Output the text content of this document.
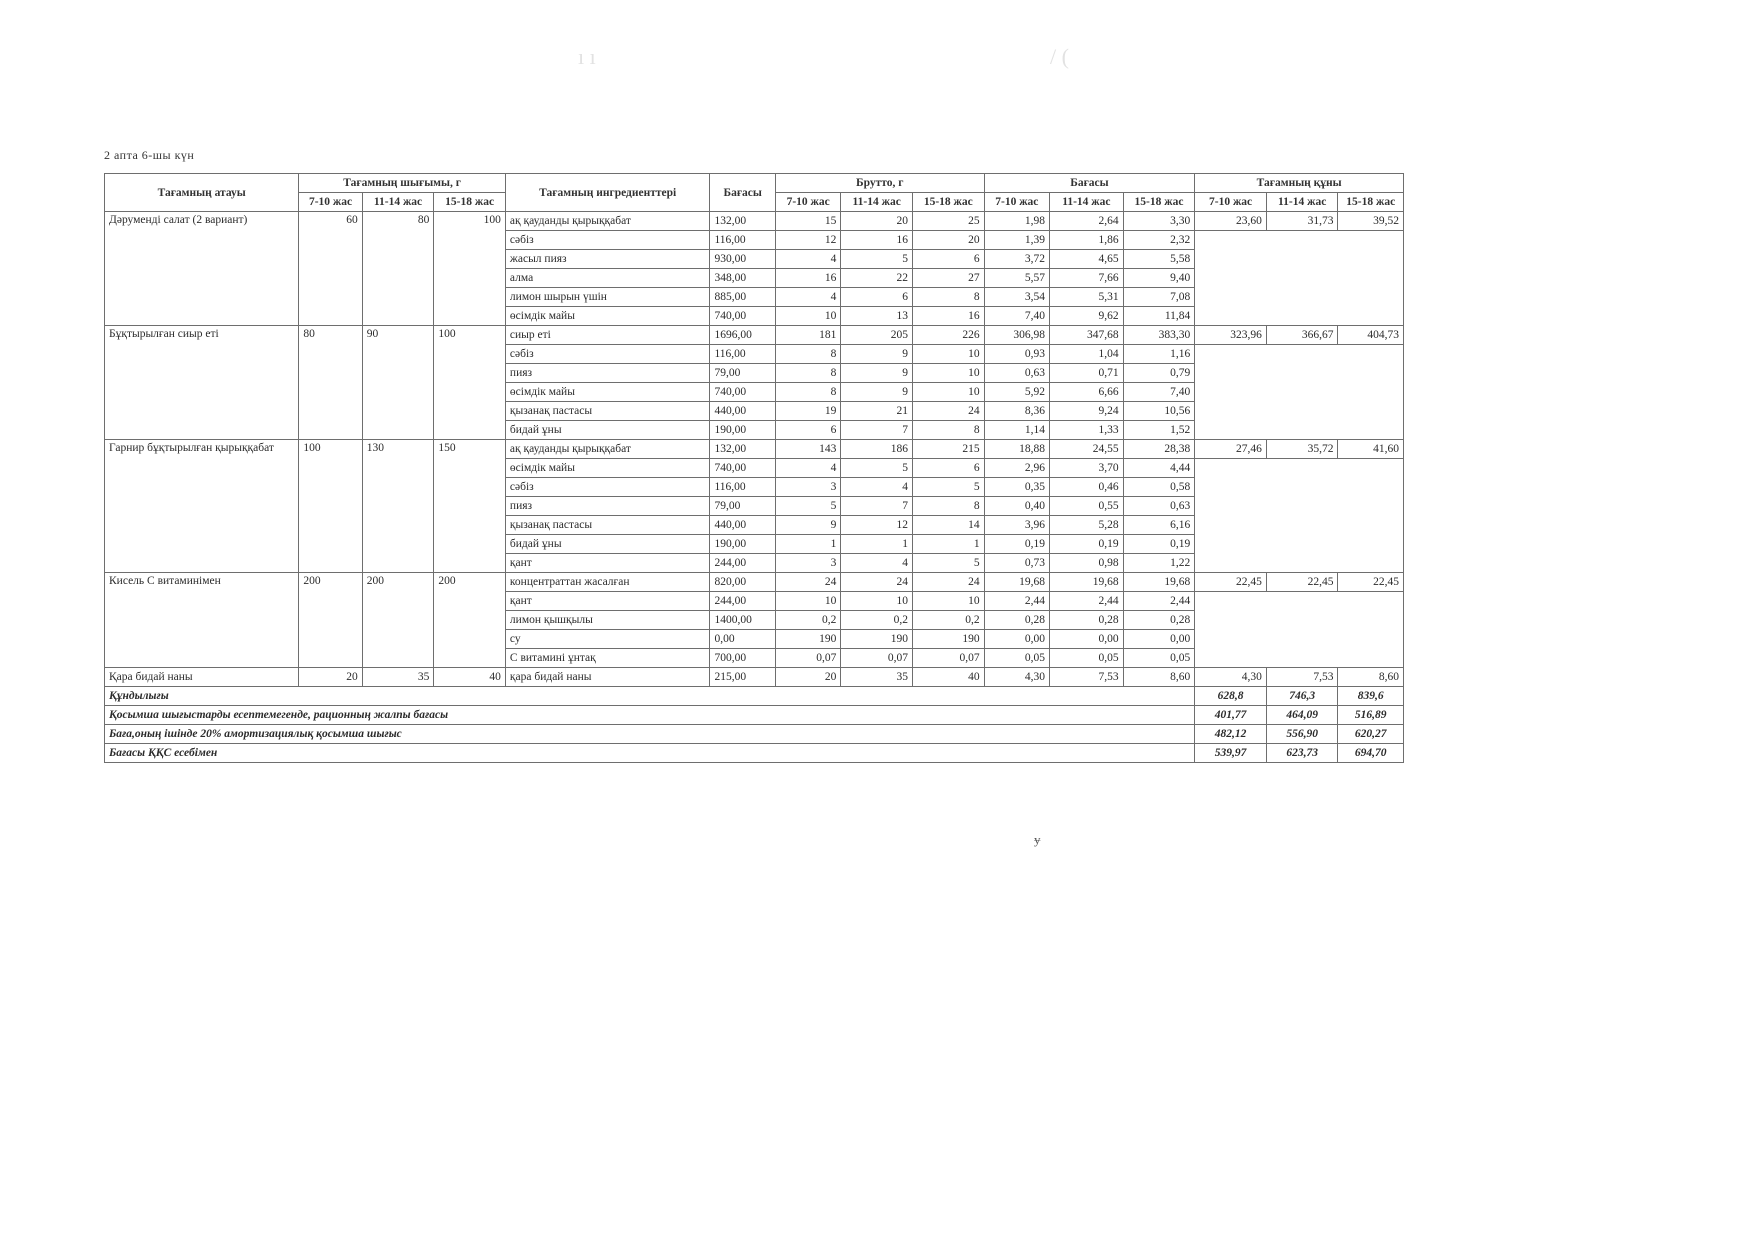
ı ı	/ (
2 апта 6-шы күн
Тағамның атауы	Тағамның шығымы, г			Тағамның ингредиенттері	Бағасы	Брутто, г			Бағасы			Тағамның құны		
	7-10 жас	11-14 жас	15-18 жас			7-10 жас	11-14 жас	15-18 жас	7-10 жас	11-14 жас	15-18 жас	7-10 жас	11-14 жас	15-18 жас
Дәрумендi салат (2 вариант)	60	80	100	ақ қауданды қырыққабат	132,00	15	20	25	1,98	2,64	3,30	23,60	31,73	39,52
				сәбіз	116,00	12	16	20	1,39	1,86	2,32			
				жасыл пияз	930,00	4	5	6	3,72	4,65	5,58			
				алма	348,00	16	22	27	5,57	7,66	9,40			
				лимон шырын үшін	885,00	4	6	8	3,54	5,31	7,08			
				өсімдік майы	740,00	10	13	16	7,40	9,62	11,84			
Бұқтырылған сиыр еті	80	90	100	сиыр еті	1696,00	181	205	226	306,98	347,68	383,30	323,96	366,67	404,73
				сәбіз	116,00	8	9	10	0,93	1,04	1,16			
				пияз	79,00	8	9	10	0,63	0,71	0,79			
				өсімдік майы	740,00	8	9	10	5,92	6,66	7,40			
				қызанақ пастасы	440,00	19	21	24	8,36	9,24	10,56			
				бидай ұны	190,00	6	7	8	1,14	1,33	1,52			
Гарнир бұқтырылған қырыққабат	100	130	150	ақ қауданды қырыққабат	132,00	143	186	215	18,88	24,55	28,38	27,46	35,72	41,60
				өсімдік майы	740,00	4	5	6	2,96	3,70	4,44			
				сәбіз	116,00	3	4	5	0,35	0,46	0,58			
				пияз	79,00	5	7	8	0,40	0,55	0,63			
				қызанақ пастасы	440,00	9	12	14	3,96	5,28	6,16			
				бидай ұны	190,00	1	1	1	0,19	0,19	0,19			
				қант	244,00	3	4	5	0,73	0,98	1,22			
Кисель С витаминімен	200	200	200	концентраттан жасалған	820,00	24	24	24	19,68	19,68	19,68	22,45	22,45	22,45
				қант	244,00	10	10	10	2,44	2,44	2,44			
				лимон қышқылы	1400,00	0,2	0,2	0,2	0,28	0,28	0,28			
				су	0,00	190	190	190	0,00	0,00	0,00			
				С витамині ұнтақ	700,00	0,07	0,07	0,07	0,05	0,05	0,05			
Қара бидай наны	20	35	40	қара бидай наны	215,00	20	35	40	4,30	7,53	8,60	4,30	7,53	8,60
Құндылығы												628,8	746,3	839,6
Қосымша шығыстарды есептемегенде, рационның жалпы бағасы												401,77	464,09	516,89
Баға,оның ішінде 20% амортизациялық қосымша шығыс												482,12	556,90	620,27
Бағасы ҚҚС есебімен												539,97	623,73	694,70
ɏ
